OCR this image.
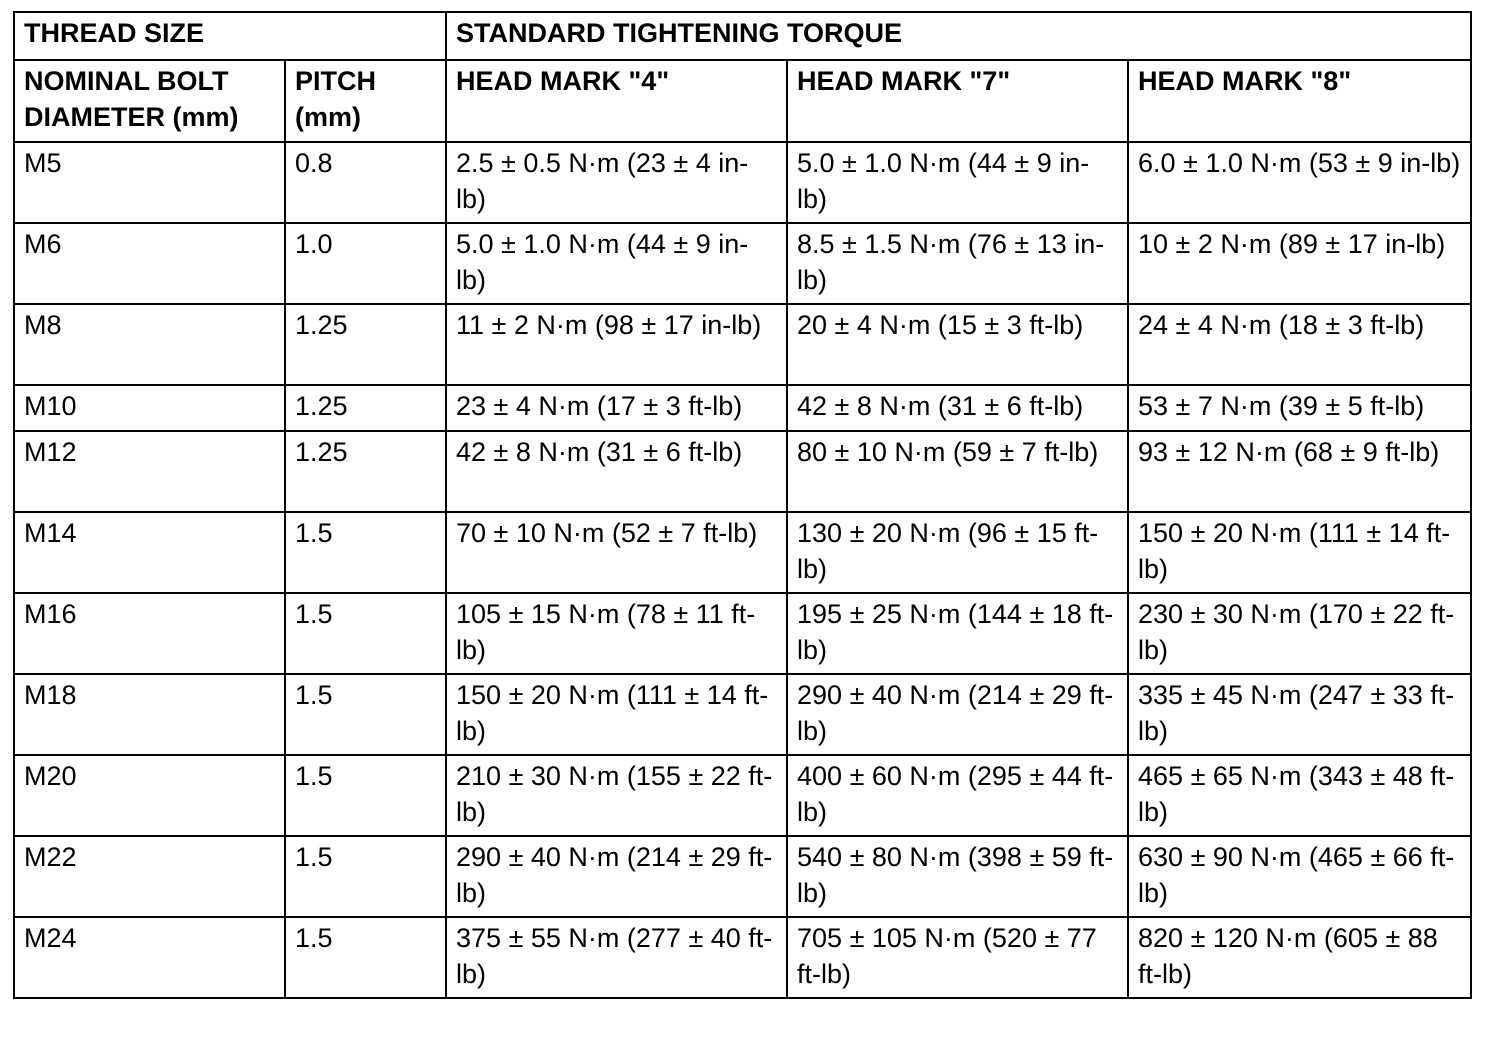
THREAD SIZE		STANDARD TIGHTENING TORQUE		
NOMINAL BOLT DIAMETER (mm)	PITCH (mm)	HEAD MARK "4"	HEAD MARK "7"	HEAD MARK "8"
M5	0.8	2.5 ± 0.5 N·m (23 ± 4 in-lb)	5.0 ± 1.0 N·m (44 ± 9 in-lb)	6.0 ± 1.0 N·m (53 ± 9 in-lb)
M6	1.0	5.0 ± 1.0 N·m (44 ± 9 in-lb)	8.5 ± 1.5 N·m (76 ± 13 in-lb)	10 ± 2 N·m (89 ± 17 in-lb)
M8	1.25	11 ± 2 N·m (98 ± 17 in-lb)	20 ± 4 N·m (15 ± 3 ft-lb)	24 ± 4 N·m (18 ± 3 ft-lb)
M10	1.25	23 ± 4 N·m (17 ± 3 ft-lb)	42 ± 8 N·m (31 ± 6 ft-lb)	53 ± 7 N·m (39 ± 5 ft-lb)
M12	1.25	42 ± 8 N·m (31 ± 6 ft-lb)	80 ± 10 N·m (59 ± 7 ft-lb)	93 ± 12 N·m (68 ± 9 ft-lb)
M14	1.5	70 ± 10 N·m (52 ± 7 ft-lb)	130 ± 20 N·m (96 ± 15 ft-lb)	150 ± 20 N·m (111 ± 14 ft-lb)
M16	1.5	105 ± 15 N·m (78 ± 11 ft-lb)	195 ± 25 N·m (144 ± 18 ft-lb)	230 ± 30 N·m (170 ± 22 ft-lb)
M18	1.5	150 ± 20 N·m (111 ± 14 ft-lb)	290 ± 40 N·m (214 ± 29 ft-lb)	335 ± 45 N·m (247 ± 33 ft-lb)
M20	1.5	210 ± 30 N·m (155 ± 22 ft-lb)	400 ± 60 N·m (295 ± 44 ft-lb)	465 ± 65 N·m (343 ± 48 ft-lb)
M22	1.5	290 ± 40 N·m (214 ± 29 ft-lb)	540 ± 80 N·m (398 ± 59 ft-lb)	630 ± 90 N·m (465 ± 66 ft-lb)
M24	1.5	375 ± 55 N·m (277 ± 40 ft-lb)	705 ± 105 N·m (520 ± 77 ft-lb)	820 ± 120 N·m (605 ± 88 ft-lb)
